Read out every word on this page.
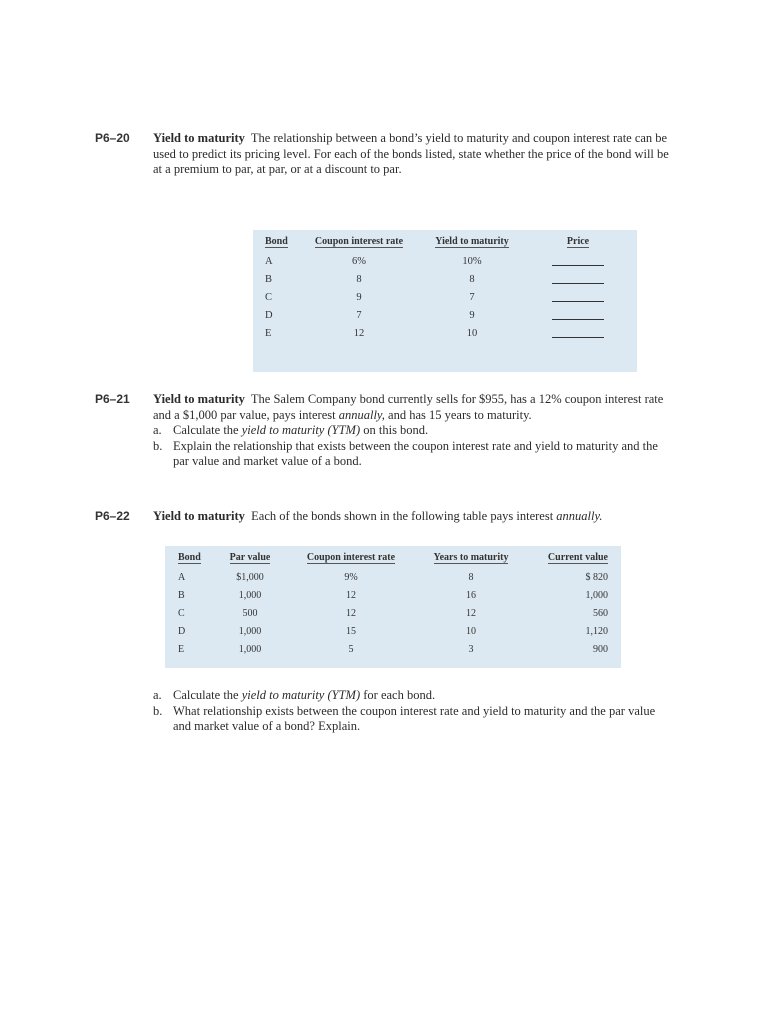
P6–20 Yield to maturity The relationship between a bond’s yield to maturity and coupon interest rate can be used to predict its pricing level. For each of the bonds listed, state whether the price of the bond will be at a premium to par, at par, or at a discount to par.
Bond	Coupon interest rate	Yield to maturity	Price
A	6%	10%	
B	8	8	
C	9	7	
D	7	9	
E	12	10	
P6–21 Yield to maturity The Salem Company bond currently sells for $955, has a 12% coupon interest rate and a $1,000 par value, pays interest annually, and has 15 years to maturity.
a. Calculate the yield to maturity (YTM) on this bond.
b. Explain the relationship that exists between the coupon interest rate and yield to maturity and the par value and market value of a bond.
P6–22 Yield to maturity Each of the bonds shown in the following table pays interest annually.
Bond	Par value	Coupon interest rate	Years to maturity	Current value
A	$1,000	9%	8	$ 820
B	1,000	12	16	1,000
C	500	12	12	560
D	1,000	15	10	1,120
E	1,000	5	3	900
a. Calculate the yield to maturity (YTM) for each bond.
b. What relationship exists between the coupon interest rate and yield to maturity and the par value and market value of a bond? Explain.
